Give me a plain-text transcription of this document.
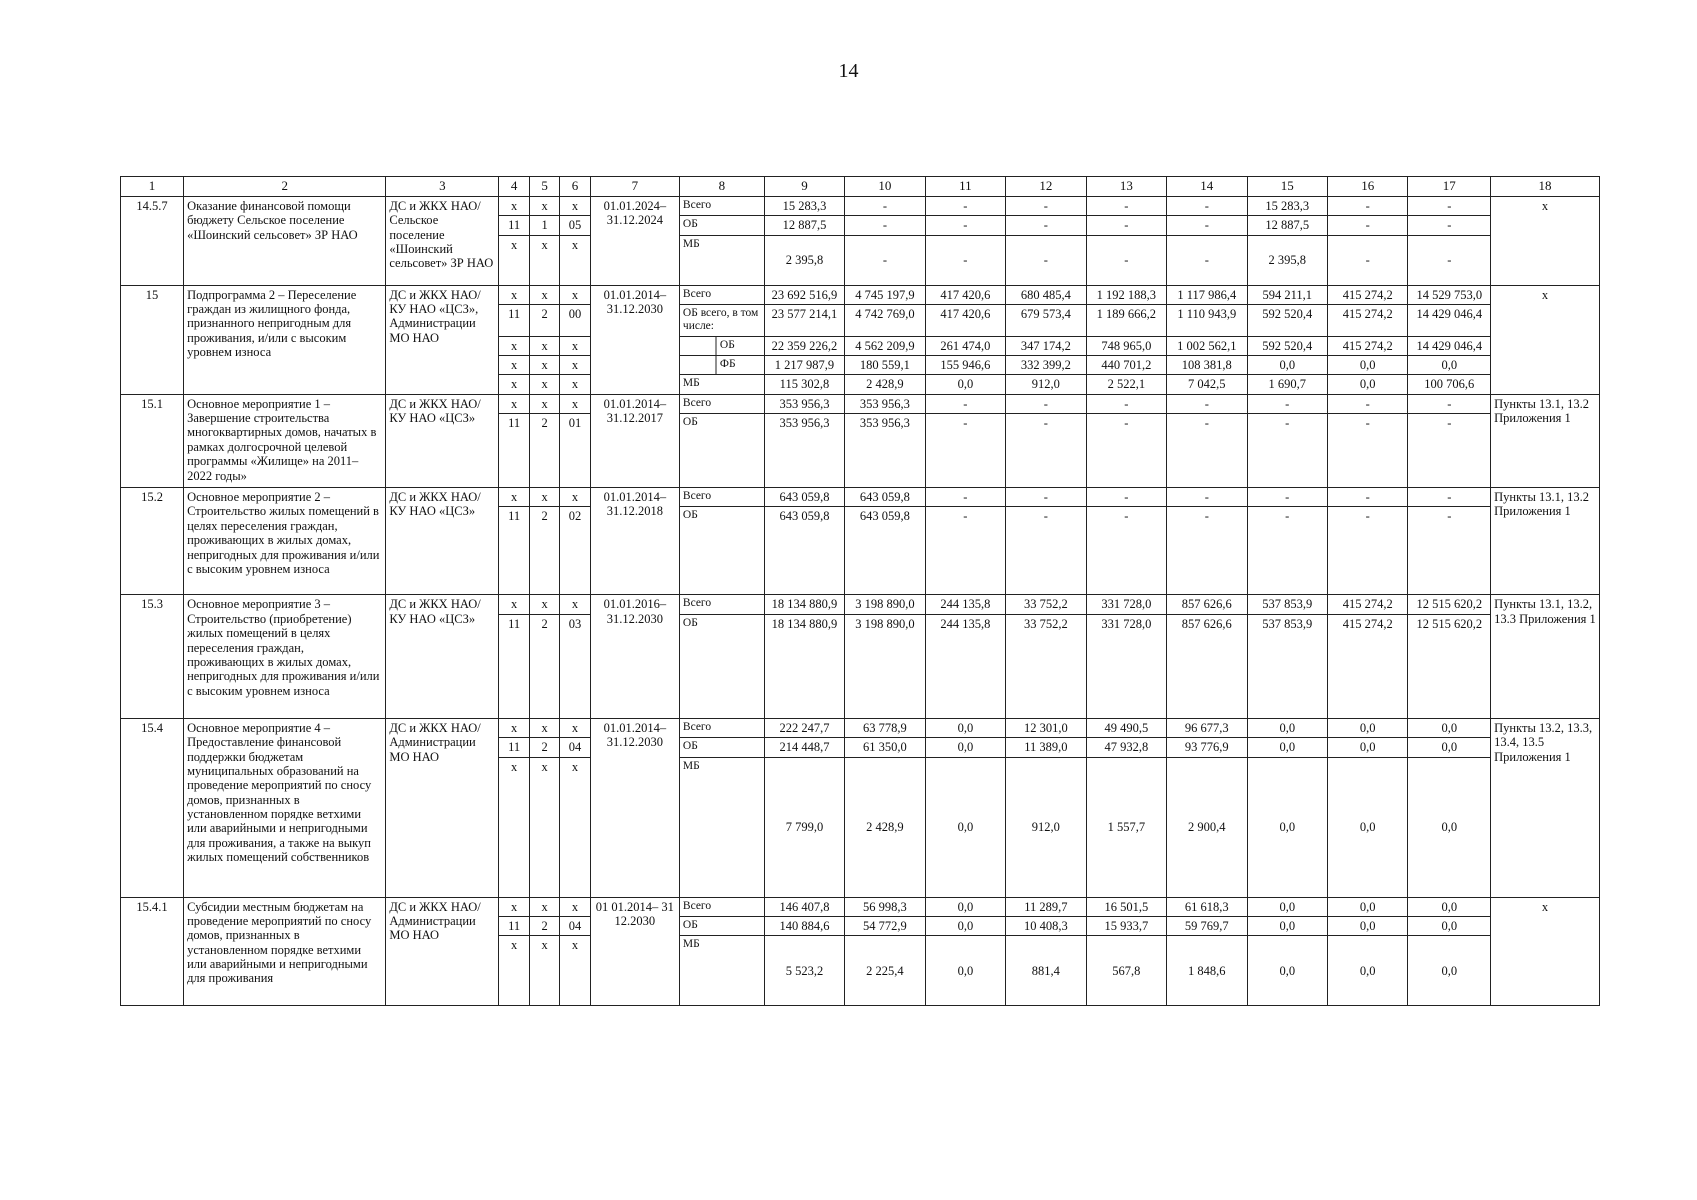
14
1	2	3	4	5	6	7	8	9	10	11	12	13	14	15	16	17	18
14.5.7	Оказание финансовой помощи бюджету Сельское поселение «Шоинский сельсовет» ЗР НАО	ДС и ЖКХ НАО/ Сельское поселение «Шоинский сельсовет» ЗР НАО	х	х	х	01.01.2024– 31.12.2024	Всего	15 283,3	-	-	-	-	-	15 283,3	-	-	х
			11	1	05		ОБ	12 887,5	-	-	-	-	-	12 887,5	-	-	
			х	х	х		МБ	2 395,8	-	-	-	-	-	2 395,8	-	-	
15	Подпрограмма 2 – Переселение граждан из жилищного фонда, признанного непригодным для проживания, и/или с высоким уровнем износа	ДС и ЖКХ НАО/ КУ НАО «ЦСЗ», Администрации МО НАО	х	х	х	01.01.2014– 31.12.2030	Всего	23 692 516,9	4 745 197,9	417 420,6	680 485,4	1 192 188,3	1 117 986,4	594 211,1	415 274,2	14 529 753,0	х
			11	2	00		ОБ всего, в том числе:	23 577 214,1	4 742 769,0	417 420,6	679 573,4	1 189 666,2	1 110 943,9	592 520,4	415 274,2	14 429 046,4	
			х	х	х		ОБ	22 359 226,2	4 562 209,9	261 474,0	347 174,2	748 965,0	1 002 562,1	592 520,4	415 274,2	14 429 046,4	
			х	х	х		ФБ	1 217 987,9	180 559,1	155 946,6	332 399,2	440 701,2	108 381,8	0,0	0,0	0,0	
			х	х	х		МБ	115 302,8	2 428,9	0,0	912,0	2 522,1	7 042,5	1 690,7	0,0	100 706,6	
15.1	Основное мероприятие 1 – Завершение строительства многоквартирных домов, начатых в рамках долгосрочной целевой программы «Жилище» на 2011–2022 годы»	ДС и ЖКХ НАО/ КУ НАО «ЦСЗ»	х	х	х	01.01.2014– 31.12.2017	Всего	353 956,3	353 956,3	-	-	-	-	-	-	-	Пункты 13.1, 13.2 Приложения 1
			11	2	01		ОБ	353 956,3	353 956,3	-	-	-	-	-	-	-	
15.2	Основное мероприятие 2 – Строительство жилых помещений в целях переселения граждан, проживающих в жилых домах, непригодных для проживания и/или с высоким уровнем износа	ДС и ЖКХ НАО/ КУ НАО «ЦСЗ»	х	х	х	01.01.2014– 31.12.2018	Всего	643 059,8	643 059,8	-	-	-	-	-	-	-	Пункты 13.1, 13.2 Приложения 1
			11	2	02		ОБ	643 059,8	643 059,8	-	-	-	-	-	-	-	
15.3	Основное мероприятие 3 – Строительство (приобретение) жилых помещений в целях переселения граждан, проживающих в жилых домах, непригодных для проживания и/или с высоким уровнем износа	ДС и ЖКХ НАО/ КУ НАО «ЦСЗ»	х	х	х	01.01.2016– 31.12.2030	Всего	18 134 880,9	3 198 890,0	244 135,8	33 752,2	331 728,0	857 626,6	537 853,9	415 274,2	12 515 620,2	Пункты 13.1, 13.2, 13.3 Приложения 1
			11	2	03		ОБ	18 134 880,9	3 198 890,0	244 135,8	33 752,2	331 728,0	857 626,6	537 853,9	415 274,2	12 515 620,2	
15.4	Основное мероприятие 4 – Предоставление финансовой поддержки бюджетам муниципальных образований на проведение мероприятий по сносу домов, признанных в установленном порядке ветхими или аварийными и непригодными для проживания, а также на выкуп жилых помещений собственников	ДС и ЖКХ НАО/ Администрации МО НАО	х	х	х	01.01.2014– 31.12.2030	Всего	222 247,7	63 778,9	0,0	12 301,0	49 490,5	96 677,3	0,0	0,0	0,0	Пункты 13.2, 13.3, 13.4, 13.5 Приложения 1
			11	2	04		ОБ	214 448,7	61 350,0	0,0	11 389,0	47 932,8	93 776,9	0,0	0,0	0,0	
			х	х	х		МБ	7 799,0	2 428,9	0,0	912,0	1 557,7	2 900,4	0,0	0,0	0,0	
15.4.1	Субсидии местным бюджетам на проведение мероприятий по сносу домов, признанных в установленном порядке ветхими или аварийными и непригодными для проживания	ДС и ЖКХ НАО/ Администрации МО НАО	х	х	х	01 01.2014– 31 12.2030	Всего	146 407,8	56 998,3	0,0	11 289,7	16 501,5	61 618,3	0,0	0,0	0,0	х
			11	2	04		ОБ	140 884,6	54 772,9	0,0	10 408,3	15 933,7	59 769,7	0,0	0,0	0,0	
			х	х	х		МБ	5 523,2	2 225,4	0,0	881,4	567,8	1 848,6	0,0	0,0	0,0	
